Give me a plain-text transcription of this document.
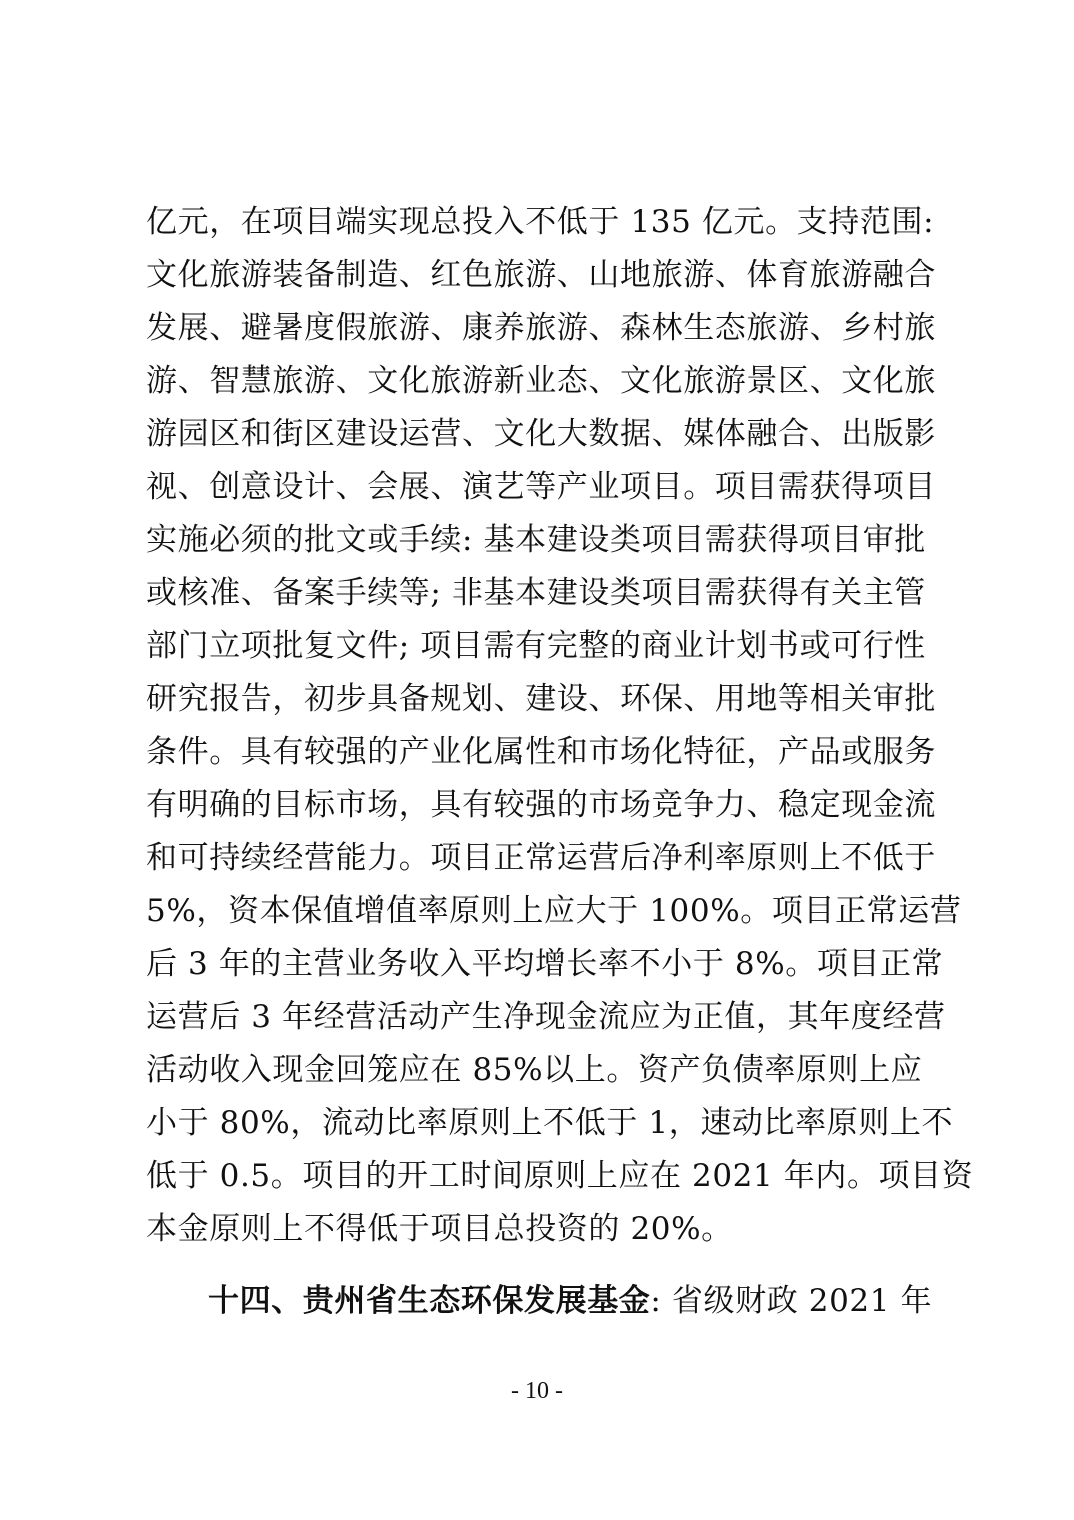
亿元，在项目端实现总投入不低于 135 亿元。支持范围:
文化旅游装备制造、红色旅游、山地旅游、体育旅游融合
发展、避暑度假旅游、康养旅游、森林生态旅游、乡村旅
游、智慧旅游、文化旅游新业态、文化旅游景区、文化旅
游园区和街区建设运营、文化大数据、媒体融合、出版影
视、创意设计、会展、演艺等产业项目。项目需获得项目
实施必须的批文或手续: 基本建设类项目需获得项目审批
或核准、备案手续等; 非基本建设类项目需获得有关主管
部门立项批复文件; 项目需有完整的商业计划书或可行性
研究报告，初步具备规划、建设、环保、用地等相关审批
条件。具有较强的产业化属性和市场化特征，产品或服务
有明确的目标市场，具有较强的市场竞争力、稳定现金流
和可持续经营能力。项目正常运营后净利率原则上不低于
5%，资本保值增值率原则上应大于 100%。项目正常运营
后 3 年的主营业务收入平均增长率不小于 8%。项目正常
运营后 3 年经营活动产生净现金流应为正值，其年度经营
活动收入现金回笼应在 85%以上。资产负债率原则上应
小于 80%，流动比率原则上不低于 1，速动比率原则上不
低于 0.5。项目的开工时间原则上应在 2021 年内。项目资
本金原则上不得低于项目总投资的 20%。
十四、贵州省生态环保发展基金: 省级财政 2021 年
- 10 -
